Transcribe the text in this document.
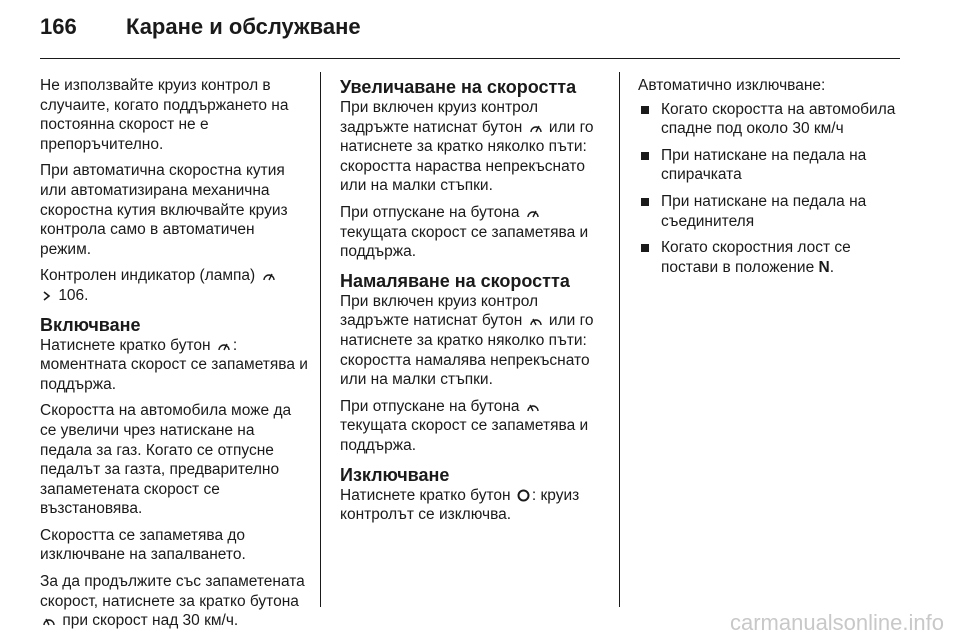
166 Каране и обслужване

Не използвайте круиз контрол в случаите, когато поддържането на постоянна скорост не е препоръчително.

При автоматична скоростна кутия или автоматизирана механична скоростна кутия включвайте круиз контрола само в автоматичен режим.

Контролен индикатор (лампа)
106.

Включване

Натиснете кратко бутон : моментната скорост се запаметява и поддържа.

Скоростта на автомобила може да се увеличи чрез натискане на педала за газ. Когато се отпусне педалът за газта, предварително запаметената скорост се възстановява.

Скоростта се запаметява до изключване на запалването.

За да продължите със запаметената скорост, натиснете за кратко бутона  при скорост над 30 км/ч.

Увеличаване на скоростта

При включен круиз контрол задръжте натиснат бутон или го натиснете за кратко няколко пъти: скоростта нараства непрекъснато или на малки стъпки.

При отпускане на бутона
текущата скорост се запаметява и поддържа.

Намаляване на скоростта

При включен круиз контрол задръжте натиснат бутон или го натиснете за кратко няколко пъти: скоростта намалява непрекъснато или на малки стъпки.

При отпускане на бутона
текущата скорост се запаметява и поддържа.

Изключване

Натиснете кратко бутон : круиз контролът се изключва.

Автоматично изключване:

Когато скоростта на автомобила спадне под около 30 км/ч
При натискане на педала на спирачката
При натискане на педала на съединителя
Когато скоростния лост се постави в положение N.
carmanualsonline.info
